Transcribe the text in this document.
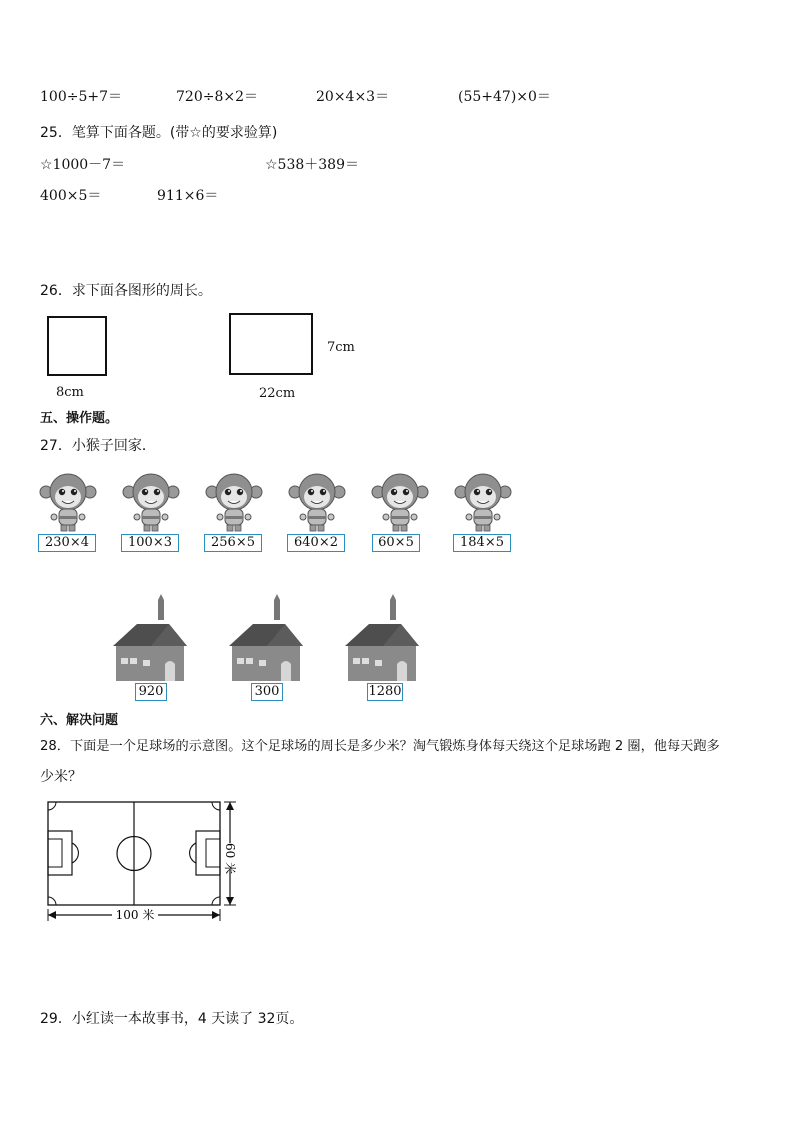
100÷5+7＝	720÷8×2＝	20×4×3＝	(55+47)×0＝
25．笔算下面各题。(带☆的要求验算)
☆1000－7＝	☆538＋389＝
400×5＝	911×6＝
26．求下面各图形的周长。
8cm
7cm
22cm
五、操作题。
27．小猴子回家．
230×4	100×3	256×5	640×2	60×5	184×5
920	300	1280
六、解决问题
28．下面是一个足球场的示意图。这个足球场的周长是多少米？淘气锻炼身体每天绕这个足球场跑 2 圈，他每天跑多
少米？
100 米
60 米
29．小红读一本故事书，4 天读了 32页。
